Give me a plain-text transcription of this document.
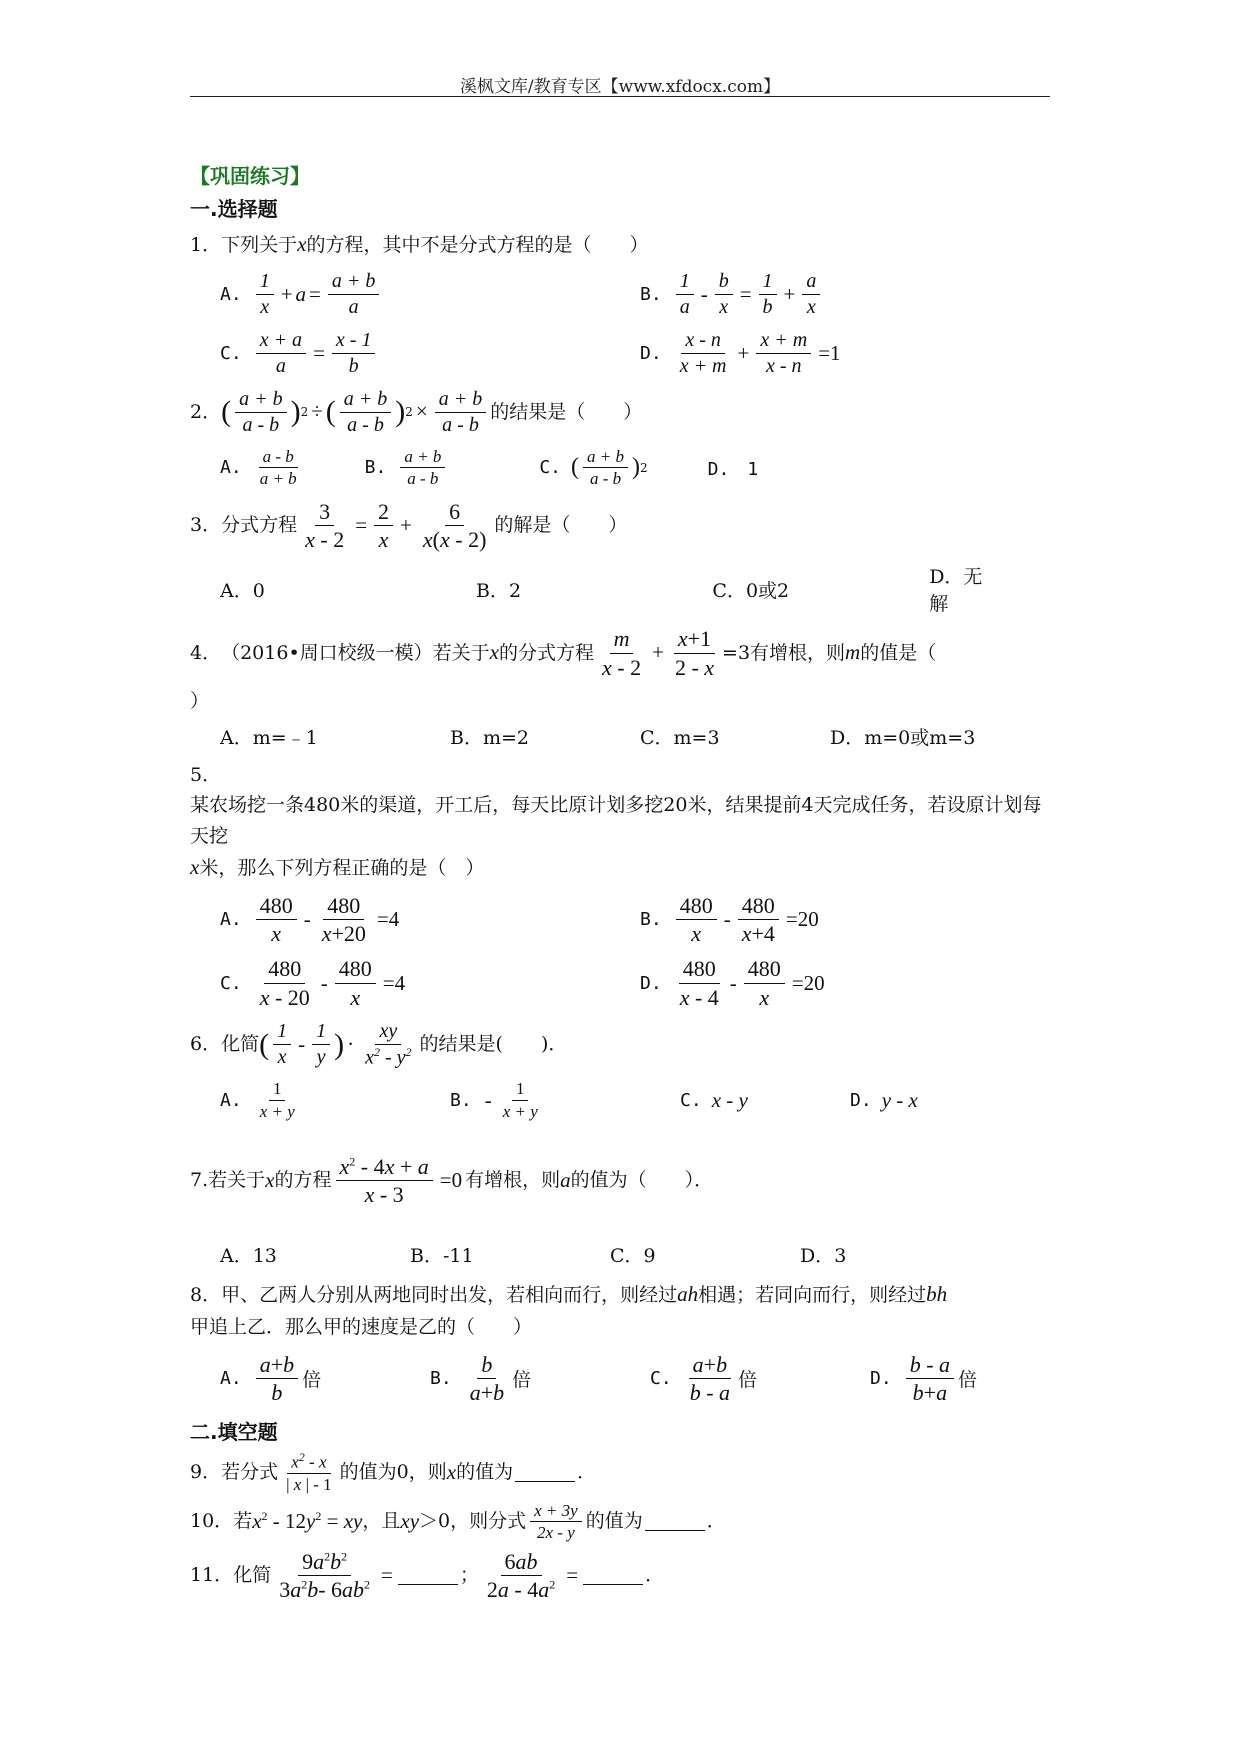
溪枫文库/教育专区【www.xfdocx.com】
【巩固练习】
一.选择题
1． 下列关于 x 的方程，其中不是分式方程的是（　　）
A. $\frac{1}{x} + a = \frac{a + b}{a}$	B. $\frac{1}{a} - \frac{b}{x} = \frac{1}{b} + \frac{a}{x}$
C. $\frac{x + a}{a} = \frac{x - 1}{b}$	D. $\frac{x - n}{x + m} + \frac{x + m}{x - n} =1$
2． ( $\frac{a + b}{a - b}$ ) 2 ÷ ( $\frac{a + b}{a - b}$ ) $2 \times \frac{a + b}{a - b}$ 的结果是（　　）
A. $\frac{a - b}{a + b}$	B. $\frac{a + b}{a - b}$	C. ( $\frac{a + b}{a - b}$ ) 2	D.　1
3． 分式方程 $\frac{3}{x - 2} = \frac{2}{x} + \frac{6}{x(x - 2)}$ 的解是（　　）
A．0	B．2	C．0或2
D．无解
4． （2016•周口校级一模）若关于 x 的分式方程 $\frac{m}{x - 2} + \frac{x+1}{2 - x} =3$有增根，则 m 的值是（
）
A．m=﹣1	B．m=2	C．m=3	D．m=0或m=3
5．
某农场挖一条480米的渠道，开工后，每天比原计划多挖20米，结果提前4天完成任务，若设原计划每天挖
x 米，那么下列方程正确的是（　）
A. $\frac{480}{x} - \frac{480}{x+20} =4$	B. $\frac{480}{x} - \frac{480}{x+4} =20$
C. $\frac{480}{x - 20} - \frac{480}{x} =4$	D. $\frac{480}{x - 4} - \frac{480}{x} =20$
6． 化简 ( $\frac{1}{x} - \frac{1}{y}$ ) · $\frac{xy}{x^2 - y^2}$ 的结果是(　　)．
A. $\frac{1}{x + y}$	B. - $\frac{1}{x + y}$	C. x - y	D. y - x
7. 若关于 x 的方程 $\frac{x^2 - 4x + a}{x - 3} =0$ 有增根，则 a 的值为（　　）．
A．13	B．-11	C．9	D．3
8． 甲、乙两人分别从两地同时出发，若相向而行，则经过 ah 相遇；若同向而行，则经过 bh
甲追上乙．那么甲的速度是乙的（　　）
A. $\frac{a+b}{b}$ 倍	B. $\frac{b}{a+b}$ 倍	C. $\frac{a+b}{b - a}$ 倍	D. $\frac{b - a}{b+a}$ 倍
二.填空题
9． 若分式 $\frac{x^2 - x}{| x | - 1}$ 的值为0，则 x 的值为	．
10． 若 $x^2 - 12y^2$ = xy ，且 xy ＞0，则分式 $\frac{x + 3y}{2x - y}$ 的值为	．
11． 化简 $\frac{9a^2b^2}{3a^2b- 6ab^2}$ =	； $\frac{6ab}{2a - 4a^2}$ =	．
